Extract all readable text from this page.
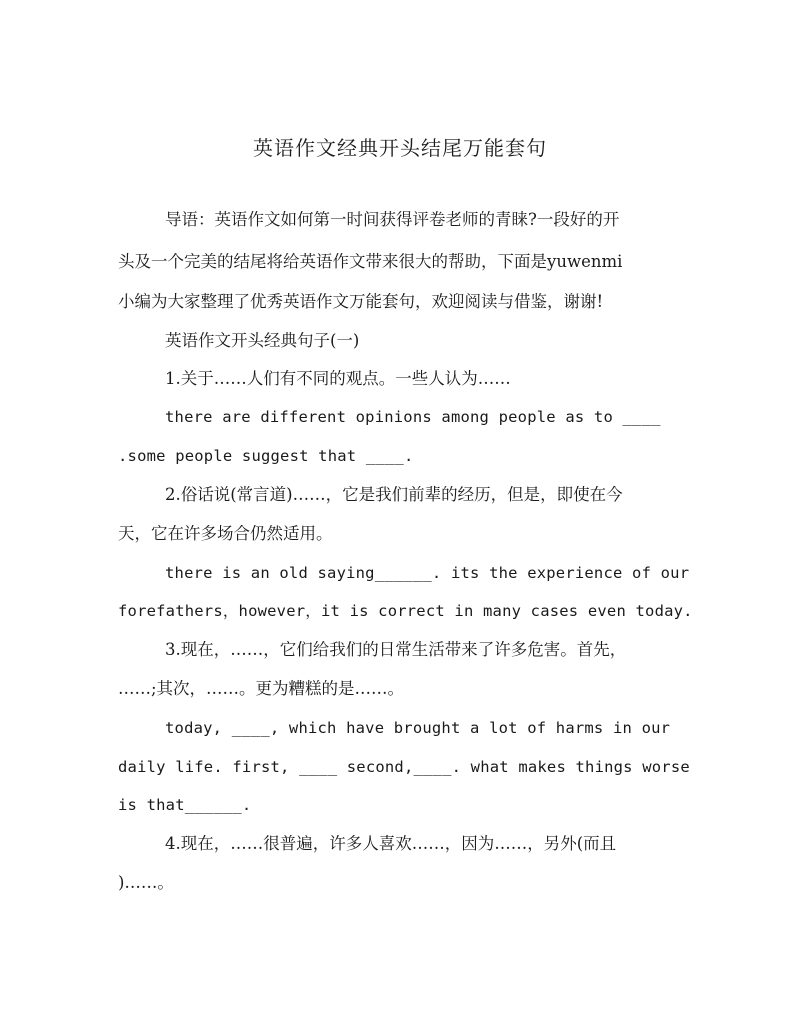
英语作文经典开头结尾万能套句
导语：英语作文如何第一时间获得评卷老师的青睐?一段好的开
头及一个完美的结尾将给英语作文带来很大的帮助，下面是yuwenmi
小编为大家整理了优秀英语作文万能套句，欢迎阅读与借鉴，谢谢!
英语作文开头经典句子(一)
1.关于……人们有不同的观点。一些人认为……
there are different opinions among people as to ____
.some people suggest that ____.
2.俗话说(常言道)……，它是我们前辈的经历，但是，即使在今
天，它在许多场合仍然适用。
there is an old saying______. its the experience of our
forefathers，however，it is correct in many cases even today.
3.现在，……，它们给我们的日常生活带来了许多危害。首先，
……;其次，……。更为糟糕的是……。
today, ____, which have brought a lot of harms in our
daily life. first, ____ second,____. what makes things worse
is that______.
4.现在，……很普遍，许多人喜欢……，因为……，另外(而且
)……。
